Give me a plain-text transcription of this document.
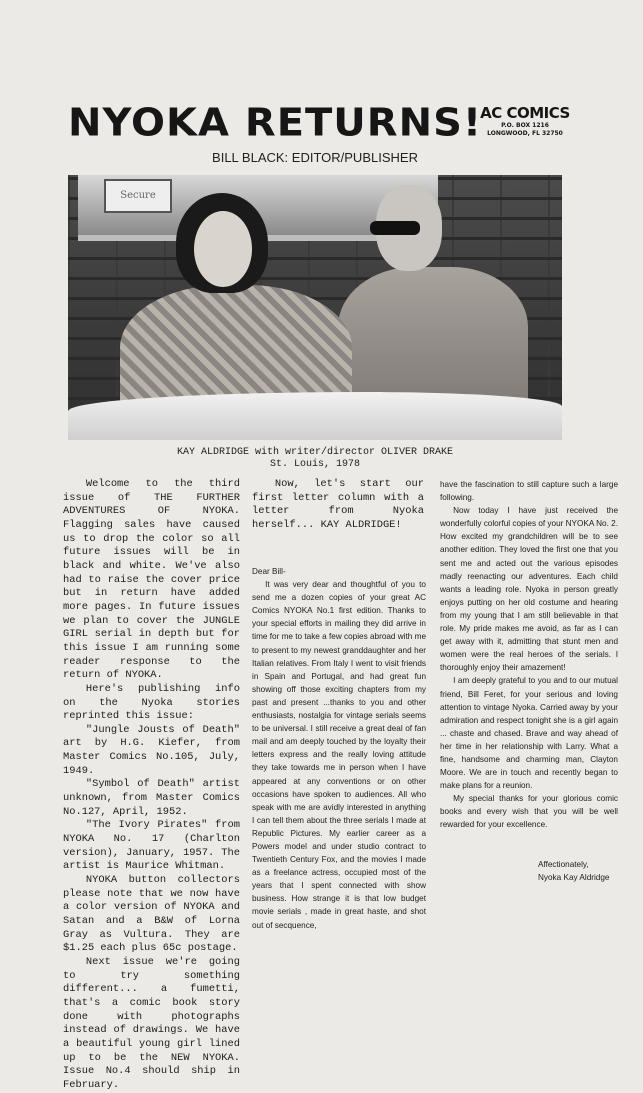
NYOKA RETURNS!
AC COMICS
P.O. BOX 1216
LONGWOOD, FL 32750
BILL BLACK: EDITOR/PUBLISHER
Secure
KAY ALDRIDGE with writer/director OLIVER DRAKE
St. Louis, 1978

Welcome to the third issue of THE FURTHER ADVENTURES OF NYOKA. Flagging sales have caused us to drop the color so all future issues will be in black and white. We've also had to raise the cover price but in return have added more pages. In future issues we plan to cover the JUNGLE GIRL serial in depth but for this issue I am running some reader response to the return of NYOKA.

Here's publishing info on the Nyoka stories reprinted this issue:

"Jungle Jousts of Death" art by H.G. Kiefer, from Master Comics No.105, July, 1949.

"Symbol of Death" artist unknown, from Master Comics No.127, April, 1952.

"The Ivory Pirates" from NYOKA No. 17 (Charlton version), January, 1957. The artist is Maurice Whitman.

NYOKA button collectors please note that we now have a color version of NYOKA and Satan and a B&W of Lorna Gray as Vultura. They are $1.25 each plus 65c postage.

Next issue we're going to try something different... a fumetti, that's a comic book story done with photographs instead of drawings. We have a beautiful young girl lined up to be the NEW NYOKA. Issue No.4 should ship in February.

Now, let's start our first letter column with a letter from Nyoka herself... KAY ALDRIDGE!

Dear Bill-

It was very dear and thoughtful of you to send me a dozen copies of your great AC Comics NYOKA No.1 first edition. Thanks to your special efforts in mailing they did arrive in time for me to take a few copies abroad with me to present to my newest granddaughter and her Italian relatives. From Italy I went to visit friends in Spain and Portugal, and had great fun showing off those exciting chapters from my past and present ...thanks to you and other enthusiasts, nostalgia for vintage serials seems to be universal. I still receive a great deal of fan mail and am deeply touched by the loyalty their letters express and the really loving attitude they take towards me in person when I have appeared at any conventions or on other occasions have spoken to audiences. All who speak with me are avidly interested in anything I can tell them about the three serials I made at Republic Pictures. My earlier career as a Powers model and under studio contract to Twentieth Century Fox, and the movies I made as a freelance actress, occupied most of the years that I spent connected with show business. How strange it is that low budget movie serials , made in great haste, and shot out of secquence,

have the fascination to still capture such a large following.

Now today I have just received the wonderfully colorful copies of your NYOKA No. 2. How excited my grandchildren will be to see another edition. They loved the first one that you sent me and acted out the various episodes madly reenacting our adventures. Each child wants a leading role. Nyoka in person greatly enjoys putting on her old costume and hearing from my young that I am still believable in that role. My pride makes me avoid, as far as I can get away with it, admitting that stunt men and women were the real heroes of the serials. I thoroughly enjoy their amazement!

I am deeply grateful to you and to our mutual friend, Bill Feret, for your serious and loving attention to vintage Nyoka. Carried away by your admiration and respect tonight she is a girl again ... chaste and chased. Brave and way ahead of her time in her relationship with Larry. What a fine, handsome and charming man, Clayton Moore. We are in touch and recently began to make plans for a reunion.

My special thanks for your glorious comic books and every wish that you will be well rewarded for your excellence.

Affectionately,
Nyoka Kay Aldridge
